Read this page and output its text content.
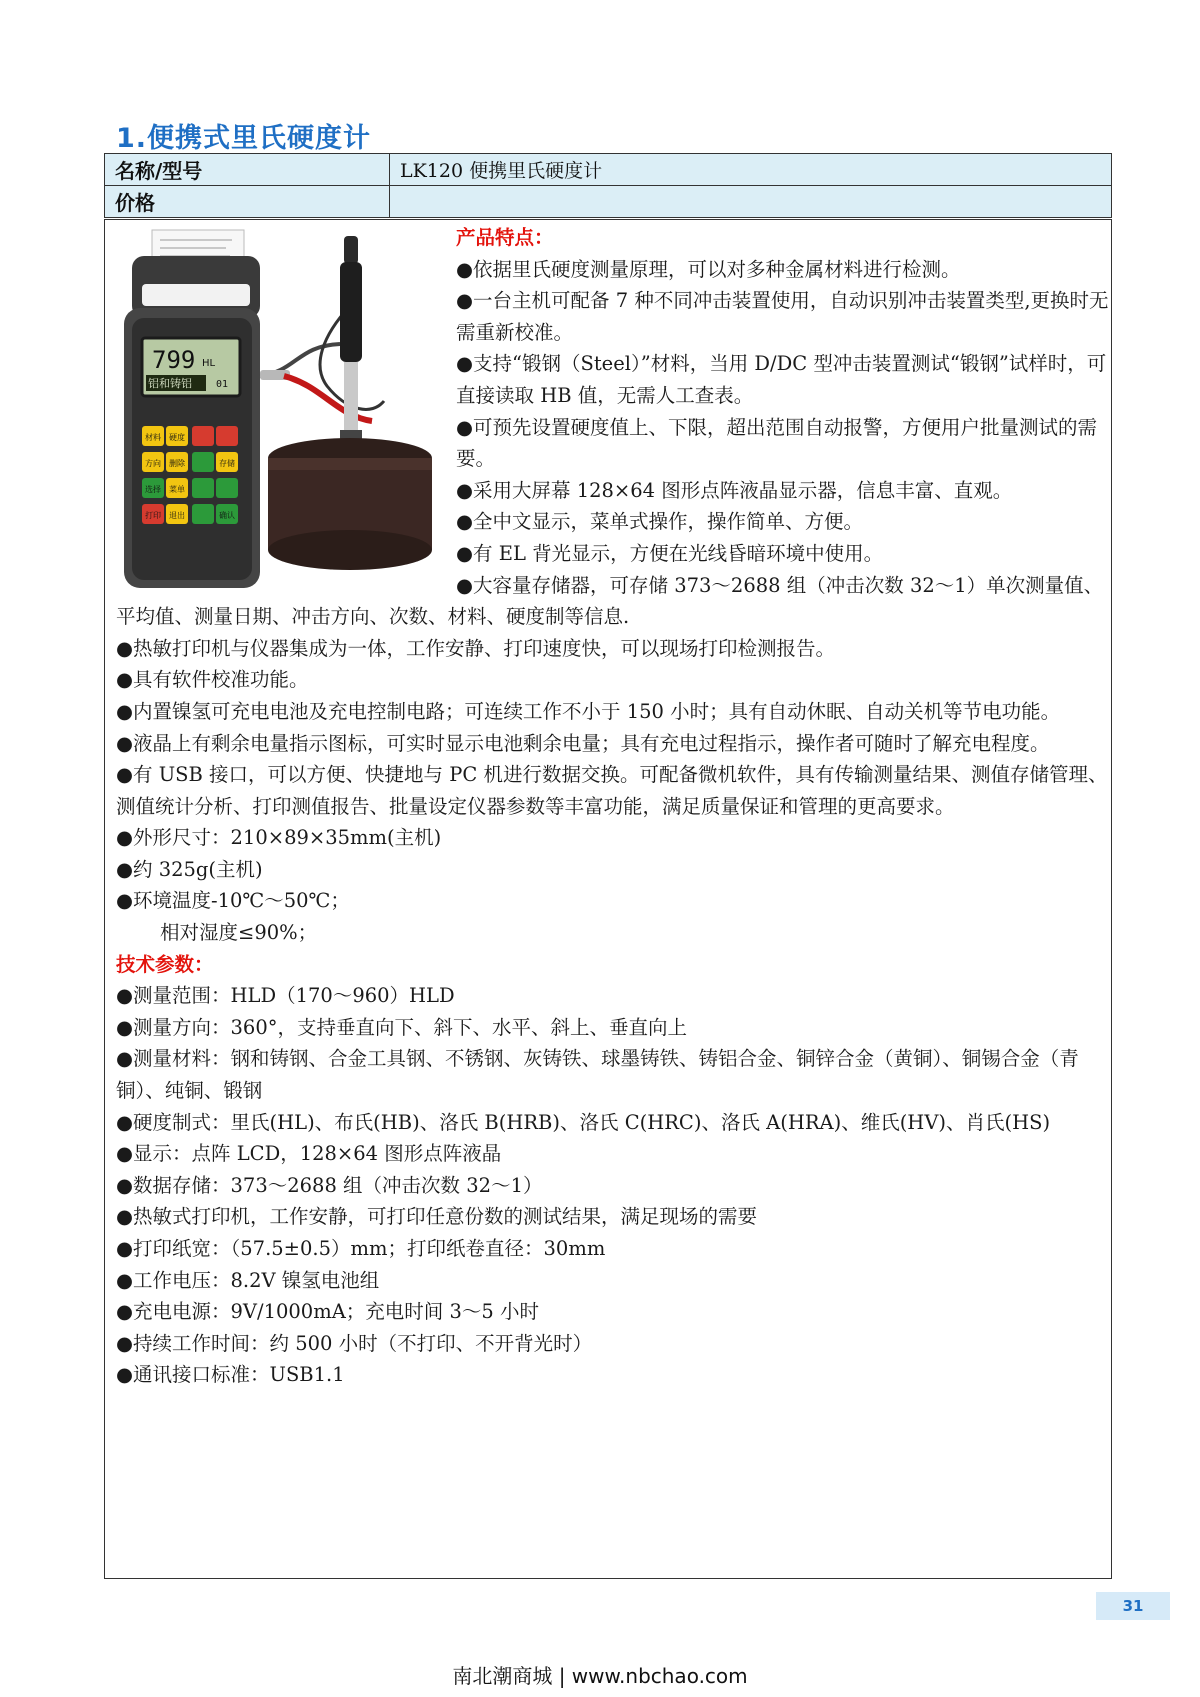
1.便携式里氏硬度计
名称/型号	LK120 便携里氏硬度计
价格	
799 HL
铝和铸铝 01
材料 硬度
方向 删除	存储
选择 菜单
打印 退出	确认
产品特点：
●依据里氏硬度测量原理，可以对多种金属材料进行检测。
●一台主机可配备 7 种不同冲击装置使用，自动识别冲击装置类型,更换时无需重新校准。
●支持“锻钢（Steel）”材料，当用 D/DC 型冲击装置测试“锻钢”试样时，可直接读取 HB 值，无需人工查表。
●可预先设置硬度值上、下限，超出范围自动报警，方便用户批量测试的需要。
●采用大屏幕 128×64 图形点阵液晶显示器，信息丰富、直观。
●全中文显示，菜单式操作，操作简单、方便。
●有 EL 背光显示，方便在光线昏暗环境中使用。
●大容量存储器，可存储 373～2688 组（冲击次数 32～1）单次测量值、
平均值、测量日期、冲击方向、次数、材料、硬度制等信息.
●热敏打印机与仪器集成为一体，工作安静、打印速度快，可以现场打印检测报告。
●具有软件校准功能。
●内置镍氢可充电电池及充电控制电路；可连续工作不小于 150 小时；具有自动休眠、自动关机等节电功能。
●液晶上有剩余电量指示图标，可实时显示电池剩余电量；具有充电过程指示，操作者可随时了解充电程度。
●有 USB 接口，可以方便、快捷地与 PC 机进行数据交换。可配备微机软件，具有传输测量结果、测值存储管理、测值统计分析、打印测值报告、批量设定仪器参数等丰富功能，满足质量保证和管理的更高要求。
●外形尺寸：210×89×35mm(主机)
●约 325g(主机)
●环境温度-10℃～50℃；
相对湿度≤90%；
技术参数：
●测量范围：HLD（170～960）HLD
●测量方向：360°，支持垂直向下、斜下、水平、斜上、垂直向上
●测量材料：钢和铸钢、合金工具钢、不锈钢、灰铸铁、球墨铸铁、铸铝合金、铜锌合金（黄铜）、铜锡合金（青铜）、纯铜、锻钢
●硬度制式：里氏(HL)、布氏(HB)、洛氏 B(HRB)、洛氏 C(HRC)、洛氏 A(HRA)、维氏(HV)、肖氏(HS)
●显示：点阵 LCD，128×64 图形点阵液晶
●数据存储：373～2688 组（冲击次数 32～1）
●热敏式打印机，工作安静，可打印任意份数的测试结果，满足现场的需要
●打印纸宽：（57.5±0.5）mm；打印纸卷直径：30mm
●工作电压：8.2V 镍氢电池组
●充电电源：9V/1000mA；充电时间 3～5 小时
●持续工作时间：约 500 小时（不打印、不开背光时）
●通讯接口标准：USB1.1
31
南北潮商城 | www.nbchao.com
